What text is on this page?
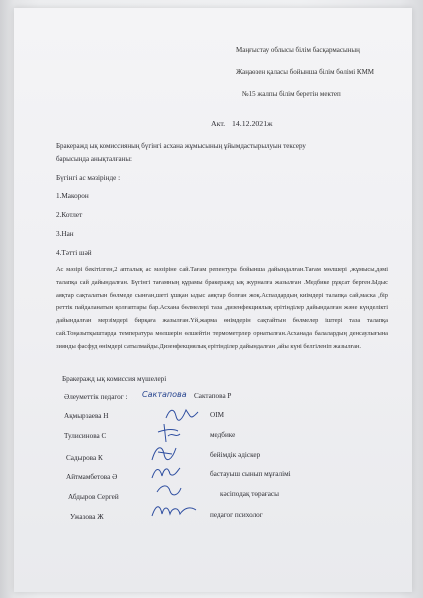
Маңғыстау облысы білім басқармасының
Жаңаөзен қаласы бойынша білім бөлімі КММ
№15 жалпы білім беретін мектеп
Акт. 14.12.2021ж
Бракеражд ық комиссияның бүгінгі асхана жұмысының ұйымдастырылуын тексеру
барысында анықталғаны:
Бүгінгі ас мәзірінде :
1.Макорон
2.Котлет
3.Нан
4.Тәтті шәй
Ас мәзірі бекітілген,2 апталық ас мәзіріне сай.Тағам репентура бойынша дайындалған.Тағам мөлшері ,жұмысы,дәмі талапқа сай дайындалған. Бүгінгі тағамның құрамы бракеражд ық журналға жазылған .Медбике рұқсат берген.Ыдыс аяқтар сақталатын бөлмеде сынған,шеті ұшқан ыдыс аяқтар болған жоқ.Аспаздардың киімдері талапқа сай,маска ,бір реттік пайдаланатын қолғаптары бар.Асхана бөлмелері таза ,дизенфекциялық ерітінділер дайындалған және күнделікті дайындалған мерзімдері бирқаға жазылған.Үй,жарма өнімдерін сақтайтын бөлмелер іштері таза талапқа сай.Тоңазытқыштарда температура мөлшерін өлшейтін термометрлер орнатылған.Асханада балалардың денсаулығына зиянды фасфуд өнімдері сатылмайды.Дизенфекциялық ерітінділер дайындалған ,айы күні белгіленіп жазылған.
Бракеражд ық комиссия мүшелері
Әлеуметтік педагог : Сактапова Сактапова Р
Ақмырзаева Н	ОІМ
Тулисинова С	медбике
Садырова К	бейімдік әдіскер
Айтмамбетова Ә	бастауыш сынып мұғалімі
Абдыров Сергей	кәсіподақ төрағасы
Ужазова Ж	педагог психолог
